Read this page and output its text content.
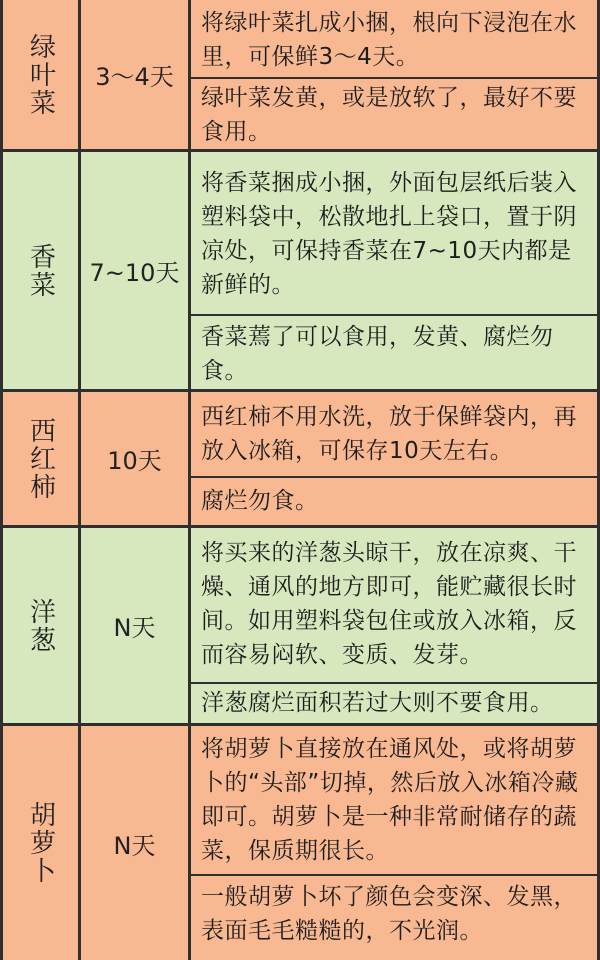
绿叶菜	3～4天
将绿叶菜扎成小捆，根向下浸泡在水里，可保鲜3～4天。
绿叶菜发黄，或是放软了，最好不要食用。
香菜	7~10天
将香菜捆成小捆，外面包层纸后装入塑料袋中，松散地扎上袋口，置于阴凉处，可保持香菜在7~10天内都是新鲜的。
香菜蔫了可以食用，发黄、腐烂勿食。
西红柿	10天
西红柿不用水洗，放于保鲜袋内，再放入冰箱，可保存10天左右。
腐烂勿食。
洋葱	N天
将买来的洋葱头晾干，放在凉爽、干燥、通风的地方即可，能贮藏很长时间。如用塑料袋包住或放入冰箱，反而容易闷软、变质、发芽。
洋葱腐烂面积若过大则不要食用。
胡萝卜	N天
将胡萝卜直接放在通风处，或将胡萝卜的“头部”切掉，然后放入冰箱冷藏即可。胡萝卜是一种非常耐储存的蔬菜，保质期很长。
一般胡萝卜坏了颜色会变深、发黑，表面毛毛糙糙的，不光润。
